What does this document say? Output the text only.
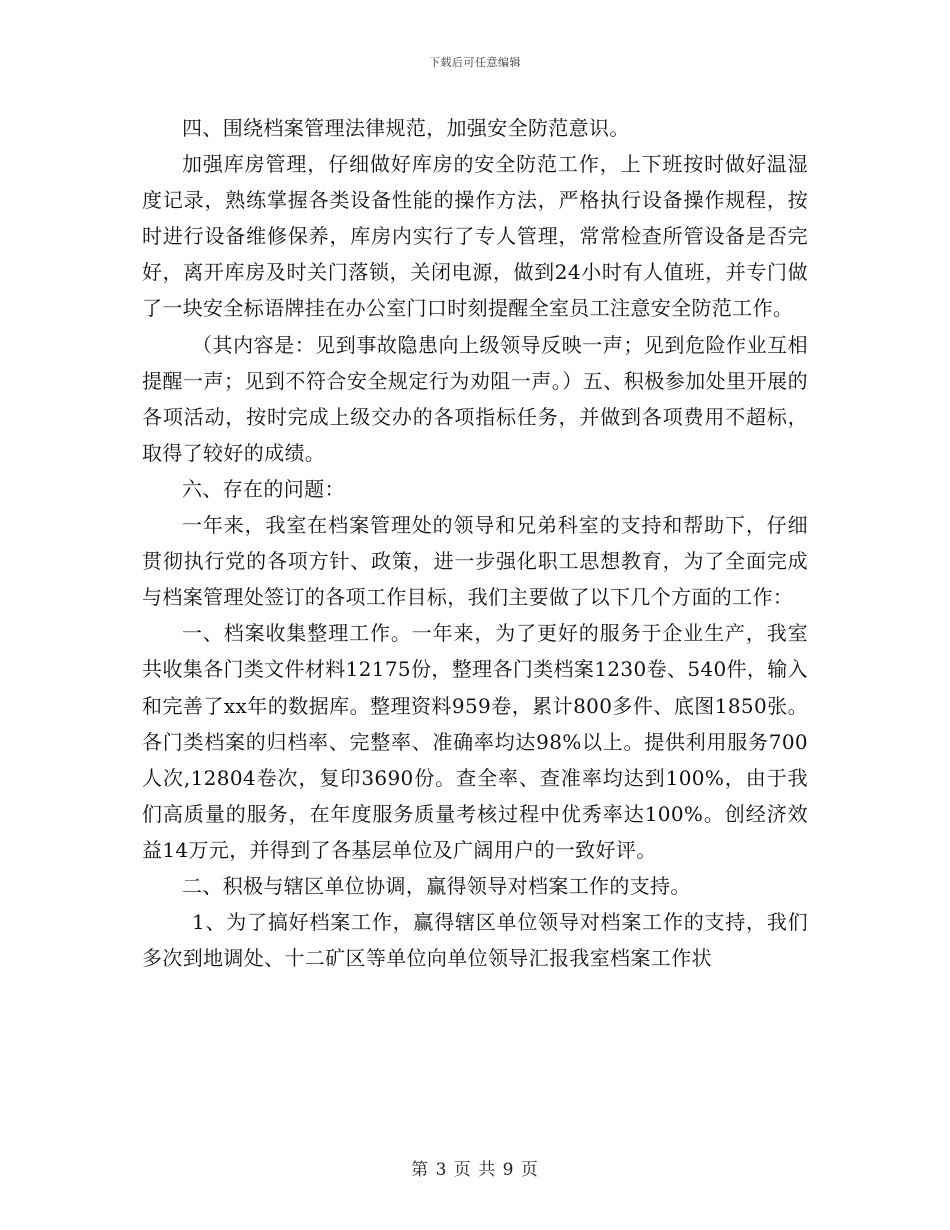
下载后可任意编辑

四、围绕档案管理法律规范，加强安全防范意识。

加强库房管理，仔细做好库房的安全防范工作，上下班按时做好温湿度记录，熟练掌握各类设备性能的操作方法，严格执行设备操作规程，按时进行设备维修保养，库房内实行了专人管理，常常检查所管设备是否完好，离开库房及时关门落锁，关闭电源，做到24小时有人值班，并专门做了一块安全标语牌挂在办公室门口时刻提醒全室员工注意安全防范工作。

（其内容是：见到事故隐患向上级领导反映一声；见到危险作业互相提醒一声；见到不符合安全规定行为劝阻一声。）五、积极参加处里开展的各项活动，按时完成上级交办的各项指标任务，并做到各项费用不超标，取得了较好的成绩。

六、存在的问题：

一年来，我室在档案管理处的领导和兄弟科室的支持和帮助下，仔细贯彻执行党的各项方针、政策，进一步强化职工思想教育，为了全面完成与档案管理处签订的各项工作目标，我们主要做了以下几个方面的工作：

一、档案收集整理工作。一年来，为了更好的服务于企业生产，我室共收集各门类文件材料12175份，整理各门类档案1230卷、540件，输入和完善了xx年的数据库。整理资料959卷，累计800多件、底图1850张。各门类档案的归档率、完整率、准确率均达98%以上。提供利用服务700人次,12804卷次，复印3690份。查全率、查准率均达到100%，由于我们高质量的服务，在年度服务质量考核过程中优秀率达100%。创经济效益14万元，并得到了各基层单位及广阔用户的一致好评。

二、积极与辖区单位协调，赢得领导对档案工作的支持。

1、为了搞好档案工作，赢得辖区单位领导对档案工作的支持，我们多次到地调处、十二矿区等单位向单位领导汇报我室档案工作状

第 3 页 共 9 页
